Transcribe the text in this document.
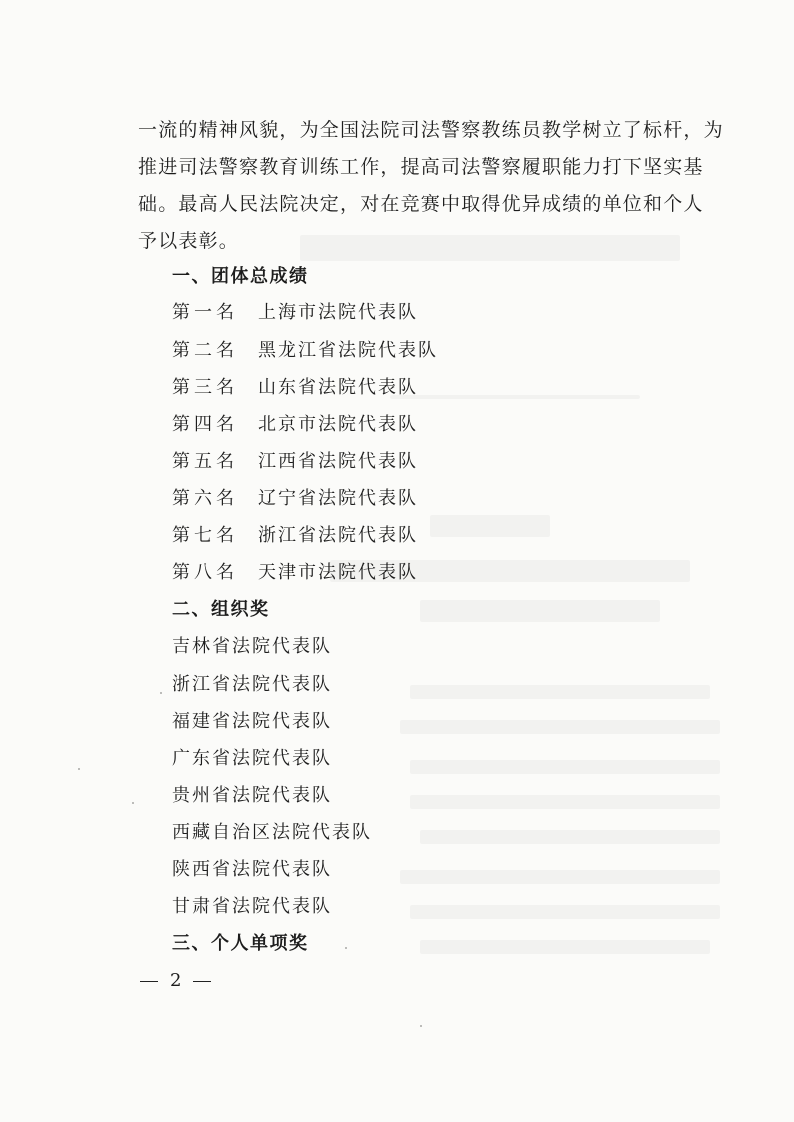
一流的精神风貌，为全国法院司法警察教练员教学树立了标杆，为
推进司法警察教育训练工作，提高司法警察履职能力打下坚实基
础。最高人民法院决定，对在竞赛中取得优异成绩的单位和个人
予以表彰。
一、团体总成绩
第一名 上海市法院代表队
第二名 黑龙江省法院代表队
第三名 山东省法院代表队
第四名 北京市法院代表队
第五名 江西省法院代表队
第六名 辽宁省法院代表队
第七名 浙江省法院代表队
第八名 天津市法院代表队
二、组织奖
吉林省法院代表队
浙江省法院代表队
福建省法院代表队
广东省法院代表队
贵州省法院代表队
西藏自治区法院代表队
陕西省法院代表队
甘肃省法院代表队
三、个人单项奖
2
